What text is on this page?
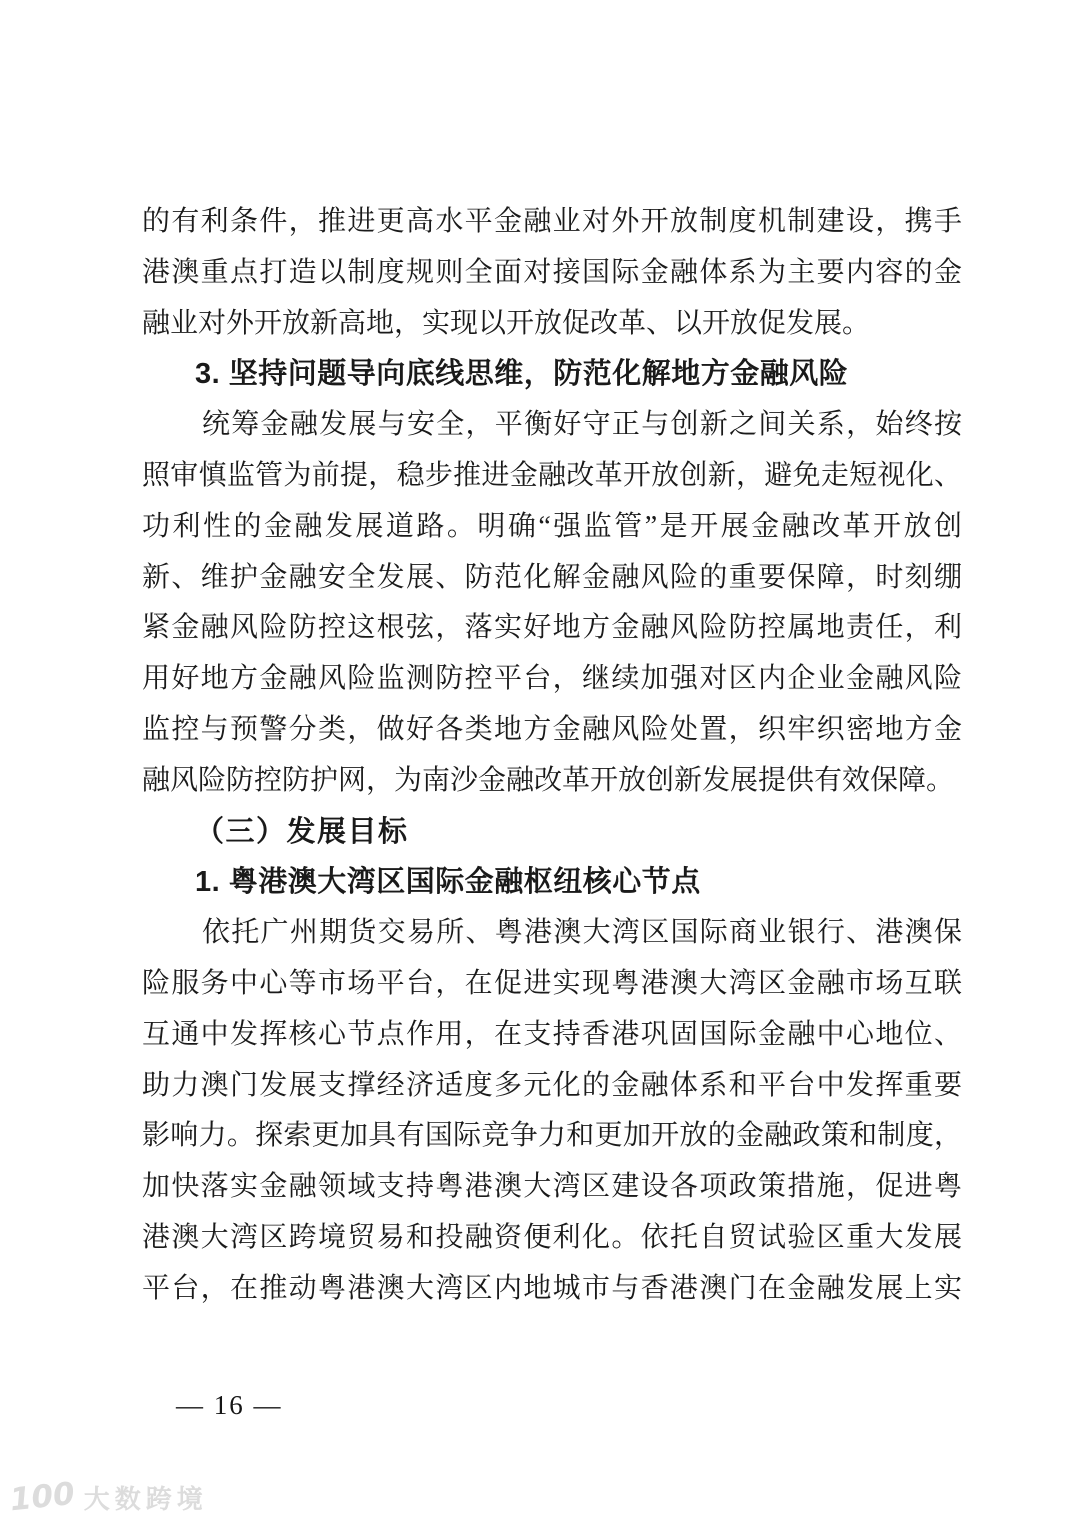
的有利条件，推进更高水平金融业对外开放制度机制建设，携手
港澳重点打造以制度规则全面对接国际金融体系为主要内容的金
融业对外开放新高地，实现以开放促改革、以开放促发展。
3. 坚持问题导向底线思维，防范化解地方金融风险
统筹金融发展与安全，平衡好守正与创新之间关系，始终按
照审慎监管为前提，稳步推进金融改革开放创新，避免走短视化、
功利性的金融发展道路。明确“强监管”是开展金融改革开放创
新、维护金融安全发展、防范化解金融风险的重要保障，时刻绷
紧金融风险防控这根弦，落实好地方金融风险防控属地责任，利
用好地方金融风险监测防控平台，继续加强对区内企业金融风险
监控与预警分类，做好各类地方金融风险处置，织牢织密地方金
融风险防控防护网，为南沙金融改革开放创新发展提供有效保障。
（三）发展目标
1. 粤港澳大湾区国际金融枢纽核心节点
依托广州期货交易所、粤港澳大湾区国际商业银行、港澳保
险服务中心等市场平台，在促进实现粤港澳大湾区金融市场互联
互通中发挥核心节点作用，在支持香港巩固国际金融中心地位、
助力澳门发展支撑经济适度多元化的金融体系和平台中发挥重要
影响力。探索更加具有国际竞争力和更加开放的金融政策和制度，
加快落实金融领域支持粤港澳大湾区建设各项政策措施，促进粤
港澳大湾区跨境贸易和投融资便利化。依托自贸试验区重大发展
平台，在推动粤港澳大湾区内地城市与香港澳门在金融发展上实
— 16 —
100 大数跨境
